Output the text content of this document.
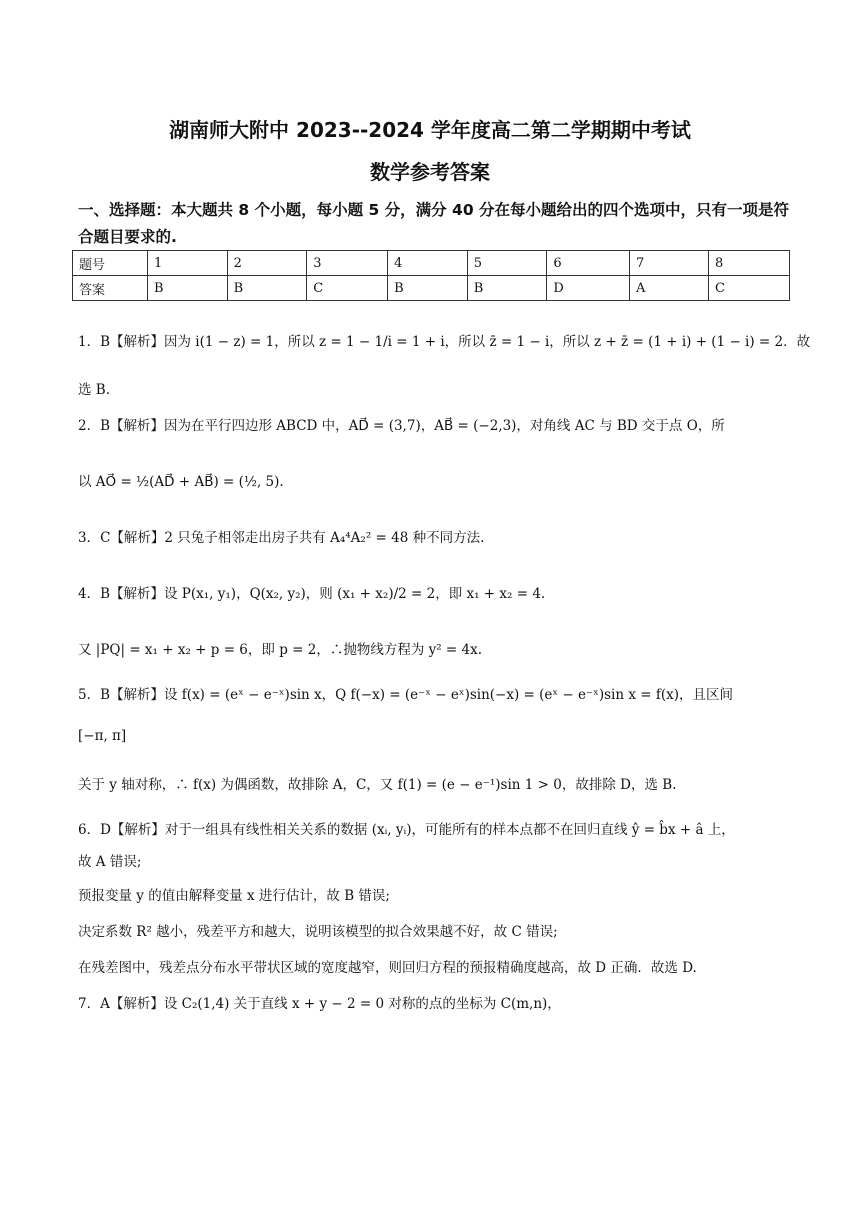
湖南师大附中 2023--2024 学年度高二第二学期期中考试
数学参考答案
一、选择题：本大题共 8 个小题，每小题 5 分，满分 40 分在每小题给出的四个选项中，只有一项是符合题目要求的.
题号	1	2	3	4	5	6	7	8
答案	B	B	C	B	B	D	A	C
1．B【解析】因为 i(1 − z) = 1，所以 z = 1 − 1/i = 1 + i，所以 z̄ = 1 − i，所以 z + z̄ = (1 + i) + (1 − i) = 2．故
选 B.
2．B【解析】因为在平行四边形 ABCD 中，AD⃗ = (3,7)，AB⃗ = (−2,3)，对角线 AC 与 BD 交于点 O，所
以 AO⃗ = ½(AD⃗ + AB⃗) = (½, 5).
3．C【解析】2 只兔子相邻走出房子共有 A₄⁴A₂² = 48 种不同方法.
4．B【解析】设 P(x₁, y₁)，Q(x₂, y₂)，则 (x₁ + x₂)/2 = 2，即 x₁ + x₂ = 4.
又 |PQ| = x₁ + x₂ + p = 6，即 p = 2，∴抛物线方程为 y² = 4x.
5．B【解析】设 f(x) = (eˣ − e⁻ˣ)sin x，Q f(−x) = (e⁻ˣ − eˣ)sin(−x) = (eˣ − e⁻ˣ)sin x = f(x)，且区间
[−π, π]
关于 y 轴对称，∴ f(x) 为偶函数，故排除 A，C，又 f(1) = (e − e⁻¹)sin 1 > 0，故排除 D，选 B.
6．D【解析】对于一组具有线性相关关系的数据 (xᵢ, yᵢ)，可能所有的样本点都不在回归直线 ŷ = b̂x + â 上，
故 A 错误;
预报变量 y 的值由解释变量 x 进行估计，故 B 错误;
决定系数 R² 越小，残差平方和越大，说明该模型的拟合效果越不好，故 C 错误;
在残差图中，残差点分布水平带状区域的宽度越窄，则回归方程的预报精确度越高，故 D 正确．故选 D.
7．A【解析】设 C₂(1,4) 关于直线 x + y − 2 = 0 对称的点的坐标为 C(m,n)，
